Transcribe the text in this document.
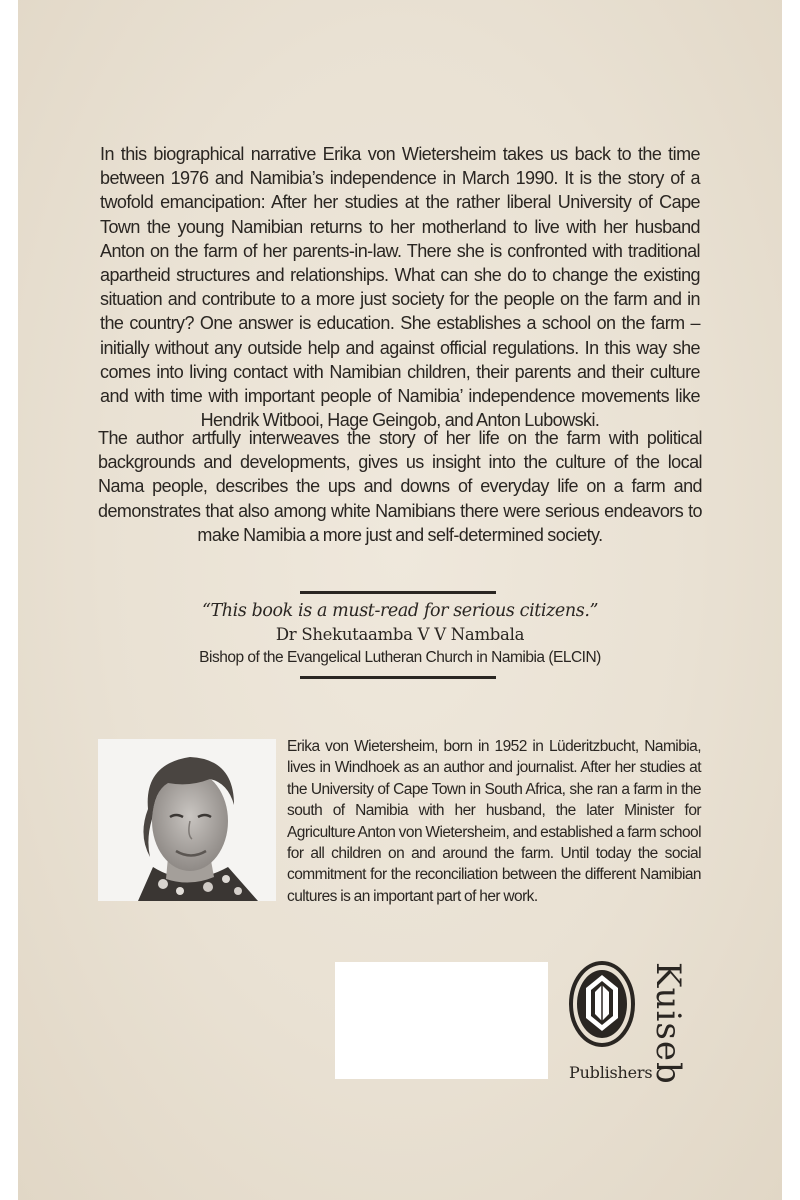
In this biographical narrative Erika von Wietersheim takes us back to the time between 1976 and Namibia’s independence in March 1990. It is the story of a twofold emancipation: After her studies at the rather liberal University of Cape Town the young Namibian returns to her motherland to live with her husband Anton on the farm of her parents-in-law. There she is confronted with traditional apartheid structures and relationships. What can she do to change the existing situation and contribute to a more just society for the people on the farm and in the country? One answer is education. She establishes a school on the farm – initially without any outside help and against official regulations. In this way she comes into living contact with Namibian children, their parents and their culture and with time with important people of Namibia’ independence movements like Hendrik Witbooi, Hage Geingob, and Anton Lubowski.

The author artfully interweaves the story of her life on the farm with political backgrounds and developments, gives us insight into the culture of the local Nama people, describes the ups and downs of everyday life on a farm and demonstrates that also among white Namibians there were serious endeavors to make Namibia a more just and self-determined society.

“This book is a must-read for serious citizens.”
Dr Shekutaamba V V Nambala
Bishop of the Evangelical Lutheran Church in Namibia (ELCIN)

Erika von Wietersheim, born in 1952 in Lüderitzbucht, Namibia, lives in Windhoek as an author and journalist. After her studies at the University of Cape Town in South Africa, she ran a farm in the south of Namibia with her husband, the later Minister for Agriculture Anton von Wietersheim, and established a farm school for all children on and around the farm. Until today the social commitment for the reconciliation between the different Namibian cultures is an important part of her work.

Kuiseb
Publishers
